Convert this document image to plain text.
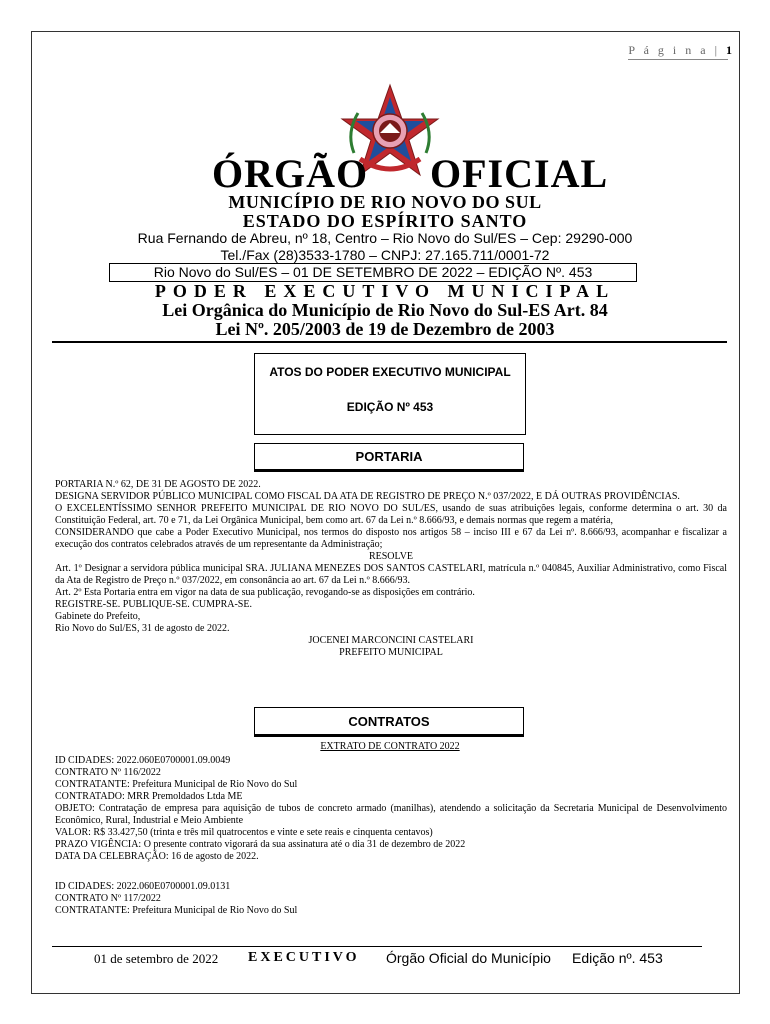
P á g i n a | 1
ÓRGÃO OFICIAL
MUNICÍPIO DE RIO NOVO DO SUL
ESTADO DO ESPÍRITO SANTO
Rua Fernando de Abreu, nº 18, Centro – Rio Novo do Sul/ES – Cep: 29290-000
Tel./Fax (28)3533-1780 – CNPJ: 27.165.711/0001-72
Rio Novo do Sul/ES – 01 DE SETEMBRO DE 2022 – EDIÇÃO Nº. 453
PODER EXECUTIVO MUNICIPAL
Lei Orgânica do Município de Rio Novo do Sul-ES Art. 84
Lei Nº. 205/2003 de 19 de Dezembro de 2003
ATOS DO PODER EXECUTIVO MUNICIPAL
EDIÇÃO Nº 453
PORTARIA

PORTARIA N.º 62, DE 31 DE AGOSTO DE 2022.

DESIGNA SERVIDOR PÚBLICO MUNICIPAL COMO FISCAL DA ATA DE REGISTRO DE PREÇO N.º 037/2022, E DÁ OUTRAS PROVIDÊNCIAS.

O EXCELENTÍSSIMO SENHOR PREFEITO MUNICIPAL DE RIO NOVO DO SUL/ES, usando de suas atribuições legais, conforme determina o art. 30 da Constituição Federal, art. 70 e 71, da Lei Orgânica Municipal, bem como art. 67 da Lei n.º 8.666/93, e demais normas que regem a matéria,

CONSIDERANDO que cabe a Poder Executivo Municipal, nos termos do disposto nos artigos 58 – inciso III e 67 da Lei nº. 8.666/93, acompanhar e fiscalizar a execução dos contratos celebrados através de um representante da Administração;

RESOLVE

Art. 1º Designar a servidora pública municipal SRA. JULIANA MENEZES DOS SANTOS CASTELARI, matrícula n.º 040845, Auxiliar Administrativo, como Fiscal da Ata de Registro de Preço n.º 037/2022, em consonância ao art. 67 da Lei n.º 8.666/93.

Art. 2º Esta Portaria entra em vigor na data de sua publicação, revogando-se as disposições em contrário.

REGISTRE-SE. PUBLIQUE-SE. CUMPRA-SE.

Gabinete do Prefeito,

Rio Novo do Sul/ES, 31 de agosto de 2022.

JOCENEI MARCONCINI CASTELARI

PREFEITO MUNICIPAL

CONTRATOS
EXTRATO DE CONTRATO 2022

ID CIDADES: 2022.060E0700001.09.0049

CONTRATO Nº 116/2022

CONTRATANTE: Prefeitura Municipal de Rio Novo do Sul

CONTRATADO: MRR Premoldados Ltda ME

OBJETO: Contratação de empresa para aquisição de tubos de concreto armado (manilhas), atendendo a solicitação da Secretaria Municipal de Desenvolvimento Econômico, Rural, Industrial e Meio Ambiente

VALOR: R$ 33.427,50 (trinta e três mil quatrocentos e vinte e sete reais e cinquenta centavos)

PRAZO VIGÊNCIA: O presente contrato vigorará da sua assinatura até o dia 31 de dezembro de 2022

DATA DA CELEBRAÇÃO: 16 de agosto de 2022.

ID CIDADES: 2022.060E0700001.09.0131

CONTRATO Nº 117/2022

CONTRATANTE: Prefeitura Municipal de Rio Novo do Sul

01 de setembro de 2022 EXECUTIVO Órgão Oficial do Município Edição nº. 453
